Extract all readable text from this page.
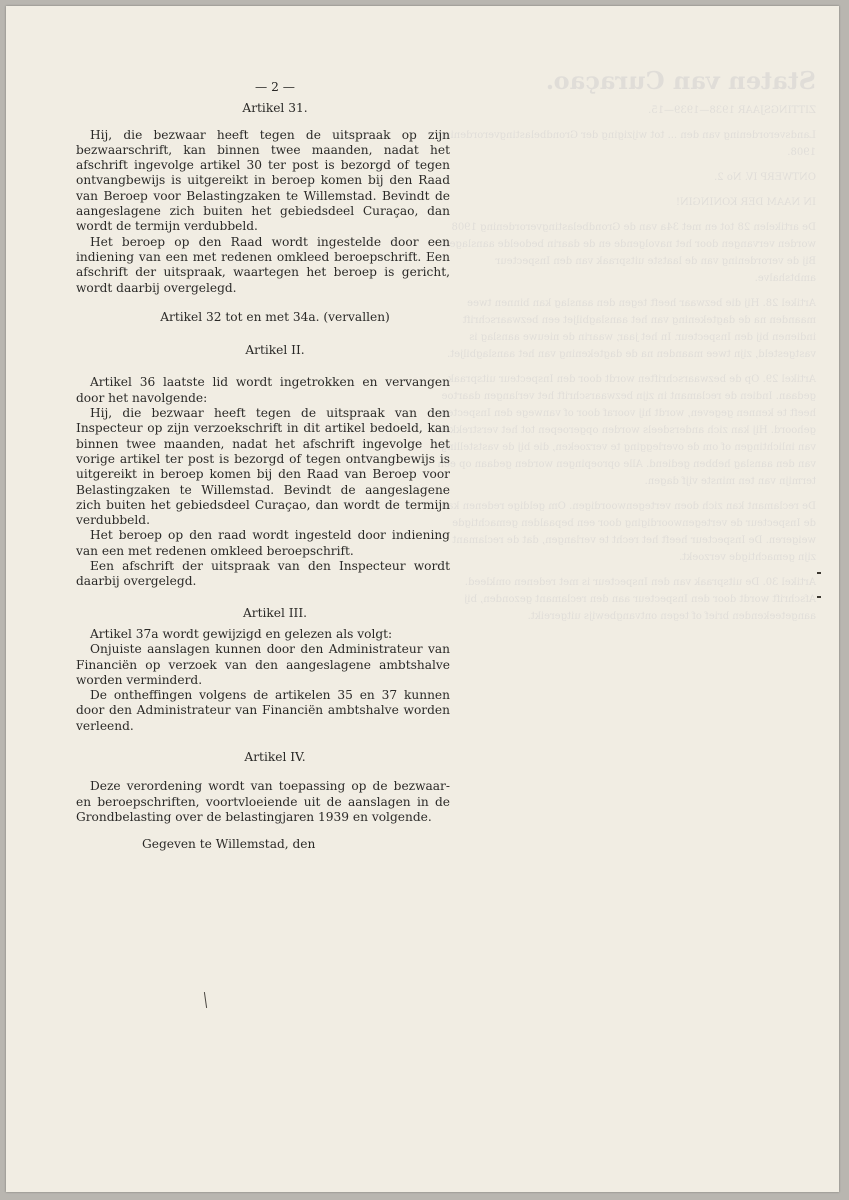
Staten van Curaçao.

ZITTINGSJAAR 1938—1939—15.

Landsverordening van den ... tot wijziging der Grondbelastingverordening 1908.

ONTWERP IV. No 2.

IN NAAM DER KONINGIN!

De artikelen 28 tot en met 34a van de Grondbelastingverordening 1908 worden vervangen door het navolgende en de daarin bedoelde aanslagen. Bij de verordening van de laatste uitspraak van den Inspecteur ambtshalve.

Artikel 28. Hij die bezwaar heeft tegen den aanslag kan binnen twee maanden na de dagtekening van het aanslagbiljet een bezwaarschrift indienen bij den Inspecteur. In het jaar, waarin de nieuwe aanslag is vastgesteld, zijn twee maanden na de dagtekening van het aanslagbiljet.

Artikel 29. Op de bezwaarschriften wordt door den Inspecteur uitspraak gedaan. Indien de reclamant in zijn bezwaarschrift het verlangen daartoe heeft te kennen gegeven, wordt hij vooraf door of vanwege den Inspecteur gehoord. Hij kan zich andersdeels worden opgeroepen tot het verstrekken van inlichtingen of om de overlegging te verzoeken, die bij de vaststelling van den aanslag hebben gediend. Alle oproepingen worden gedaan op een termijn van ten minste vijf dagen.

De reclamant kan zich doen vertegenwoordigen. Om geldige redenen kan de Inspecteur de vertegenwoordiging door een bepaalden gemachtigde weigeren. De Inspecteur heeft het recht te verlangen, dat de reclamant zijn gemachtigde verzoekt.

Artikel 30. De uitspraak van den Inspecteur is met redenen omkleed. Afschrift wordt door den Inspecteur aan den reclamant gezonden, bij aangeteekenden brief of tegen ontvangbewijs uitgereikt.

— 2 —
Artikel 31.

Hij, die bezwaar heeft tegen de uitspraak op zijn bezwaarschrift, kan binnen twee maanden, nadat het afschrift ingevolge artikel 30 ter post is bezorgd of tegen ontvangbewijs is uitgereikt in beroep komen bij den Raad van Beroep voor Belastingzaken te Willemstad. Bevindt de aangeslagene zich buiten het gebiedsdeel Curaçao, dan wordt de termijn verdubbeld.

Het beroep op den Raad wordt ingestelde door een indiening van een met redenen omkleed beroepschrift. Een afschrift der uitspraak, waartegen het beroep is gericht, wordt daarbij overgelegd.

Artikel 32 tot en met 34a. (vervallen)
Artikel II.

Artikel 36 laatste lid wordt ingetrokken en vervangen door het navolgende:

Hij, die bezwaar heeft tegen de uitspraak van den Inspecteur op zijn verzoekschrift in dit artikel bedoeld, kan binnen twee maanden, nadat het afschrift ingevolge het vorige artikel ter post is bezorgd of tegen ontvangbewijs is uitgereikt in beroep komen bij den Raad van Beroep voor Belastingzaken te Willemstad. Bevindt de aangeslagene zich buiten het gebiedsdeel Curaçao, dan wordt de termijn verdubbeld.

Het beroep op den raad wordt ingesteld door indiening van een met redenen omkleed beroepschrift.

Een afschrift der uitspraak van den Inspecteur wordt daarbij overgelegd.

Artikel III.

Artikel 37a wordt gewijzigd en gelezen als volgt:

Onjuiste aanslagen kunnen door den Administrateur van Financiën op verzoek van den aangeslagene ambtshalve worden verminderd.

De ontheffingen volgens de artikelen 35 en 37 kunnen door den Administrateur van Financiën ambtshalve worden verleend.

Artikel IV.

Deze verordening wordt van toepassing op de bezwaar- en beroepschriften, voortvloeiende uit de aanslagen in de Grondbelasting over de belastingjaren 1939 en volgende.

Gegeven te Willemstad, den
